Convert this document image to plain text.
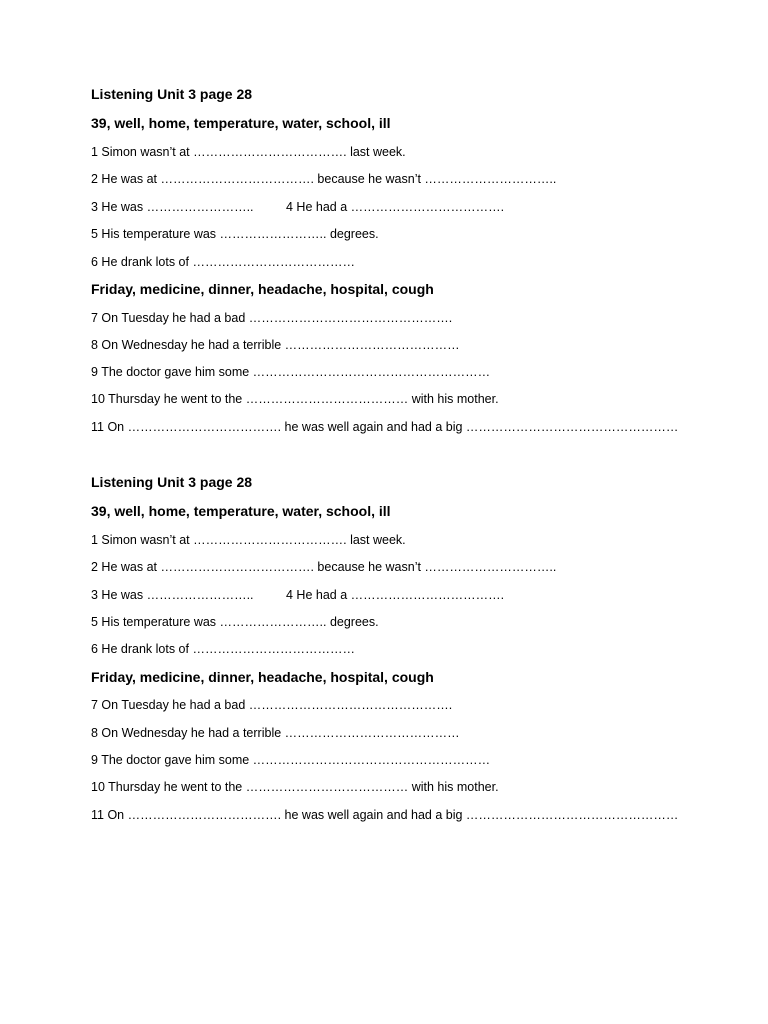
Listening Unit 3 page 28
39, well, home, temperature, water, school, ill
1 Simon wasn’t at ………………………………. last week.
2 He was at ………………………………. because he wasn’t …………………………..
3 He was ……………………..	4 He had a ……………………………….
5 His temperature was …………………….. degrees.
6 He drank lots of …………………………………
Friday, medicine, dinner, headache, hospital, cough
7 On Tuesday he had a bad ………………………………………….
8 On Wednesday he had a terrible ……………………………………
9 The doctor gave him some …………………………………………………
10 Thursday he went to the ………………………………… with his mother.
11 On ………………………………. he was well again and had a big ……………………………………………
Listening Unit 3 page 28
39, well, home, temperature, water, school, ill
1 Simon wasn’t at ………………………………. last week.
2 He was at ………………………………. because he wasn’t …………………………..
3 He was ……………………..	4 He had a ……………………………….
5 His temperature was …………………….. degrees.
6 He drank lots of …………………………………
Friday, medicine, dinner, headache, hospital, cough
7 On Tuesday he had a bad ………………………………………….
8 On Wednesday he had a terrible ……………………………………
9 The doctor gave him some …………………………………………………
10 Thursday he went to the ………………………………… with his mother.
11 On ………………………………. he was well again and had a big ……………………………………………
